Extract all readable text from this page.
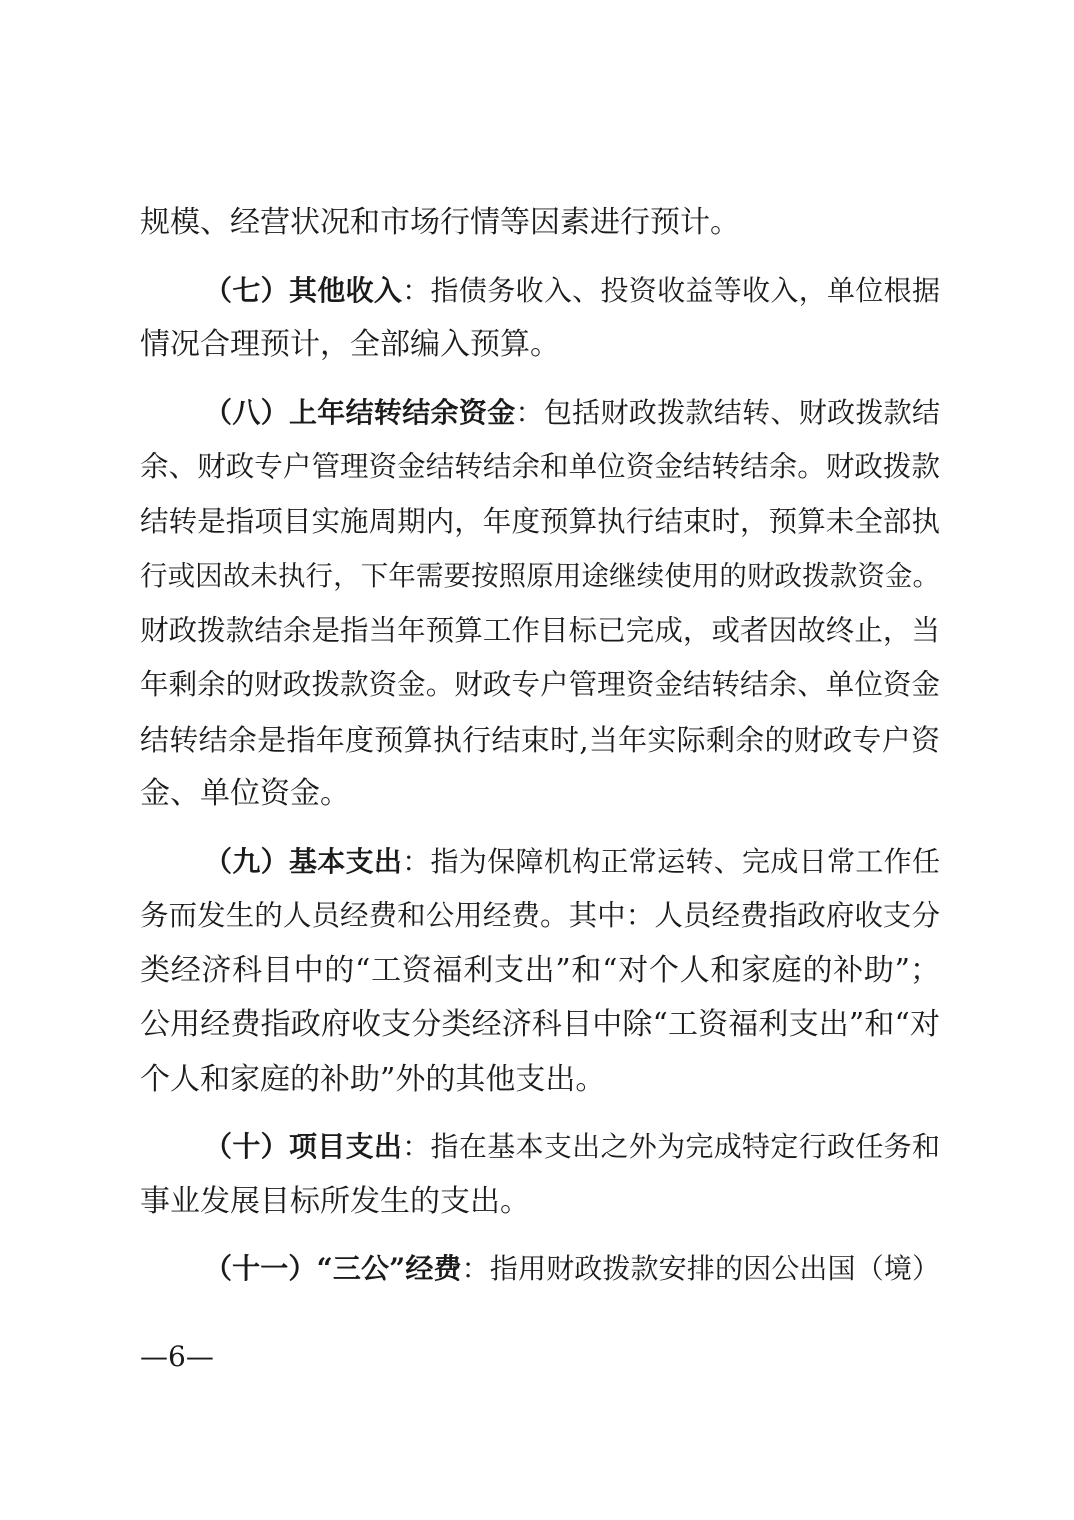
规模、经营状况和市场行情等因素进行预计。
（七）其他收入：指债务收入、投资收益等收入，单位根据
情况合理预计，全部编入预算。
（八）上年结转结余资金：包括财政拨款结转、财政拨款结
余、财政专户管理资金结转结余和单位资金结转结余。财政拨款
结转是指项目实施周期内，年度预算执行结束时，预算未全部执
行或因故未执行，下年需要按照原用途继续使用的财政拨款资金。
财政拨款结余是指当年预算工作目标已完成，或者因故终止，当
年剩余的财政拨款资金。财政专户管理资金结转结余、单位资金
结转结余是指年度预算执行结束时,当年实际剩余的财政专户资
金、单位资金。
（九）基本支出：指为保障机构正常运转、完成日常工作任
务而发生的人员经费和公用经费。其中：人员经费指政府收支分
类经济科目中的“工资福利支出”和“对个人和家庭的补助”；
公用经费指政府收支分类经济科目中除“工资福利支出”和“对
个人和家庭的补助”外的其他支出。
（十）项目支出：指在基本支出之外为完成特定行政任务和
事业发展目标所发生的支出。
（十一）“三公”经费：指用财政拨款安排的因公出国（境）
—6—
